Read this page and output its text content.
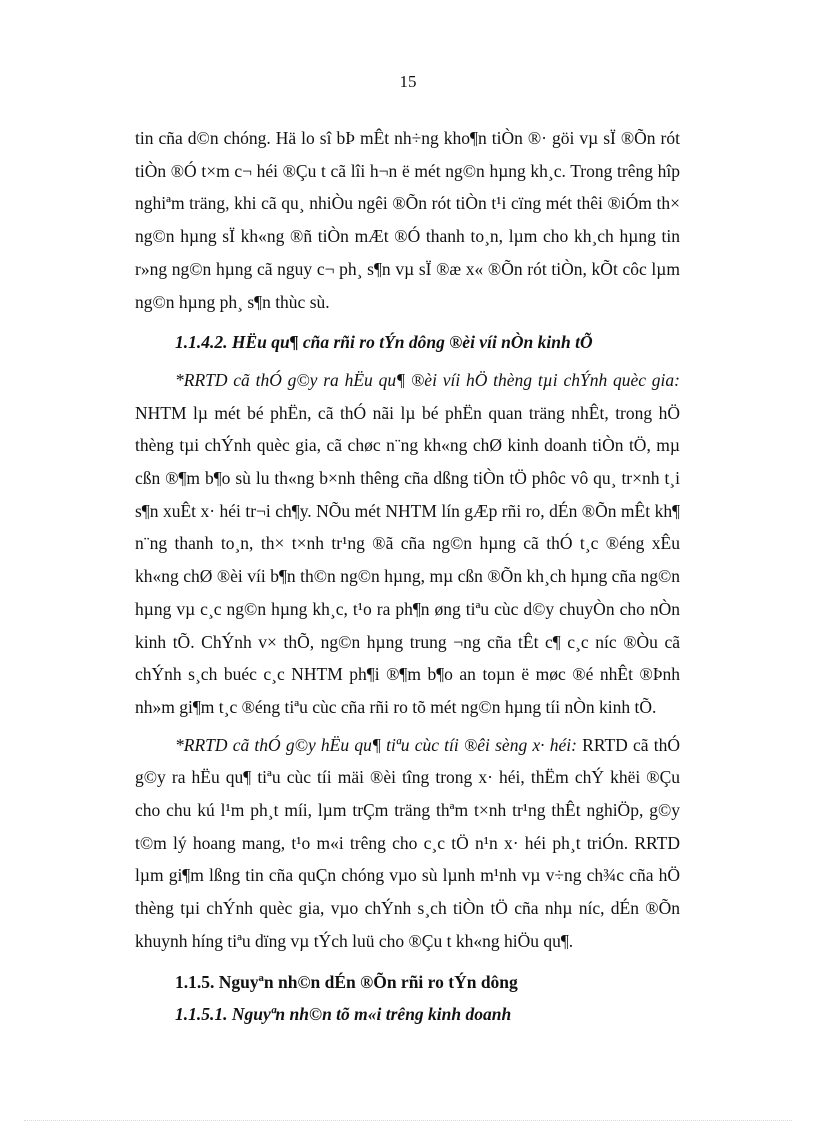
15

tin cña d©n chóng. Hä lo sî bÞ mÊt nh÷ng kho¶n tiÒn ®· göi vµ sÏ ®Õn rót tiÒn ®Ó t×m c¬ héi ®Çu t cã lîi h¬n ë mét ng©n hµng kh¸c. Trong trêng hîp nghiªm träng, khi cã qu¸ nhiÒu ngêi ®Õn rót tiÒn t¹i cïng mét thêi ®iÓm th× ng©n hµng sÏ kh«ng ®ñ tiÒn mÆt ®Ó thanh to¸n, lµm cho kh¸ch hµng tin r»ng ng©n hµng cã nguy c¬ ph¸ s¶n vµ sÏ ®æ x« ®Õn rót tiÒn, kÕt côc lµm ng©n hµng ph¸ s¶n thùc sù.

1.1.4.2. HËu qu¶ cña rñi ro tÝn dông ®èi víi nÒn kinh tÕ

*RRTD cã thÓ g©y ra hËu qu¶ ®èi víi hÖ thèng tµi chÝnh quèc gia: NHTM lµ mét bé phËn, cã thÓ nãi lµ bé phËn quan träng nhÊt, trong hÖ thèng tµi chÝnh quèc gia, cã chøc n¨ng kh«ng chØ kinh doanh tiÒn tÖ, mµ cßn ®¶m b¶o sù lu th«ng b×nh thêng cña dßng tiÒn tÖ phôc vô qu¸ tr×nh t¸i s¶n xuÊt x· héi tr¬i ch¶y. NÕu mét NHTM lín gÆp rñi ro, dÉn ®Õn mÊt kh¶ n¨ng thanh to¸n, th× t×nh tr¹ng ®ã cña ng©n hµng cã thÓ t¸c ®éng xÊu kh«ng chØ ®èi víi b¶n th©n ng©n hµng, mµ cßn ®Õn kh¸ch hµng cña ng©n hµng vµ c¸c ng©n hµng kh¸c, t¹o ra ph¶n øng tiªu cùc d©y chuyÒn cho nÒn kinh tÕ. ChÝnh v× thÕ, ng©n hµng trung ¬ng cña tÊt c¶ c¸c níc ®Òu cã chÝnh s¸ch buéc c¸c NHTM ph¶i ®¶m b¶o an toµn ë møc ®é nhÊt ®Þnh nh»m gi¶m t¸c ®éng tiªu cùc cña rñi ro tõ mét ng©n hµng tíi nÒn kinh tÕ.

*RRTD cã thÓ g©y hËu qu¶ tiªu cùc tíi ®êi sèng x· héi: RRTD cã thÓ g©y ra hËu qu¶ tiªu cùc tíi mäi ®èi tîng trong x· héi, thËm chÝ khëi ®Çu cho chu kú l¹m ph¸t míi, lµm trÇm träng thªm t×nh tr¹ng thÊt nghiÖp, g©y t©m lý hoang mang, t¹o m«i trêng cho c¸c tÖ n¹n x· héi ph¸t triÓn. RRTD lµm gi¶m lßng tin cña quÇn chóng vµo sù lµnh m¹nh vµ v÷ng ch¾c cña hÖ thèng tµi chÝnh quèc gia, vµo chÝnh s¸ch tiÒn tÖ cña nhµ níc, dÉn ®Õn khuynh híng tiªu dïng vµ tÝch luü cho ®Çu t kh«ng hiÖu qu¶.

1.1.5. Nguyªn nh©n dÉn ®Õn rñi ro tÝn dông

1.1.5.1. Nguyªn nh©n tõ m«i trêng kinh doanh
